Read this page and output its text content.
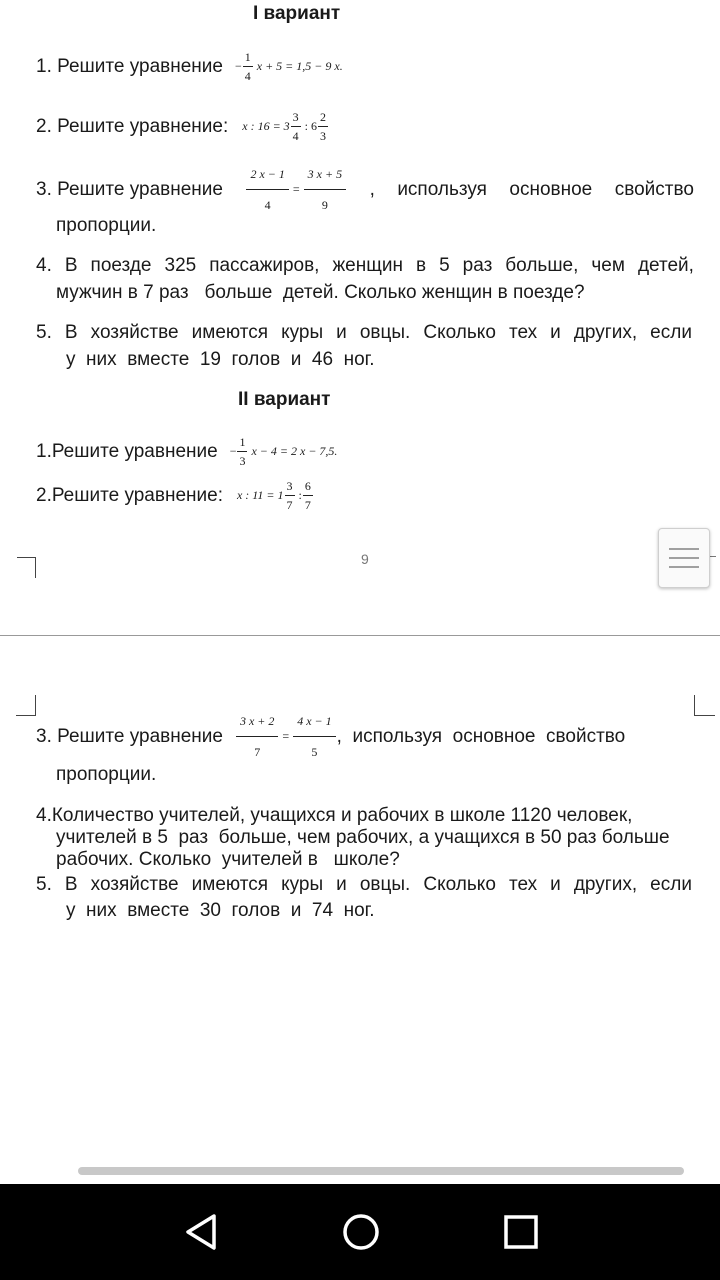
I вариант
1. Решите уравнение − $\frac{1}{4}$ x + 5 = 1,5 − 9 x.
2. Решите уравнение: x : $16 = 3 \frac{3}{4}$ : $6 \frac{2}{3}$
3. Решите уравнение $\frac{2 x - 1}{4} = \frac{3 x + 5}{9}$ , используя основное свойство
пропорции.
4. В поезде 325 пассажиров, женщин в 5 раз больше, чем детей,
мужчин в 7 раз   больше  детей. Сколько женщин в поезде?
5. В хозяйстве имеются куры и овцы. Сколько тех и других, если
у  них  вместе  19  голов  и  46  ног.
II вариант
1.Решите уравнение − $\frac{1}{3}$ x − 4 = 2 x − 7,5.
2.Решите уравнение: x : $11 = 1 \frac{3}{7}$ : $\frac{6}{7}$
9
3. Решите уравнение $\frac{3 x + 2}{7} = \frac{4 x - 1}{5}$ ,  используя  основное  свойство
пропорции.
4.Количество учителей, учащихся и рабочих в школе 1120 человек,
учителей в 5  раз  больше, чем рабочих, а учащихся в 50 раз больше
рабочих. Сколько  учителей в   школе?
5. В хозяйстве имеются куры и овцы. Сколько тех и других, если
у  них  вместе  30  голов  и  74  ног.
